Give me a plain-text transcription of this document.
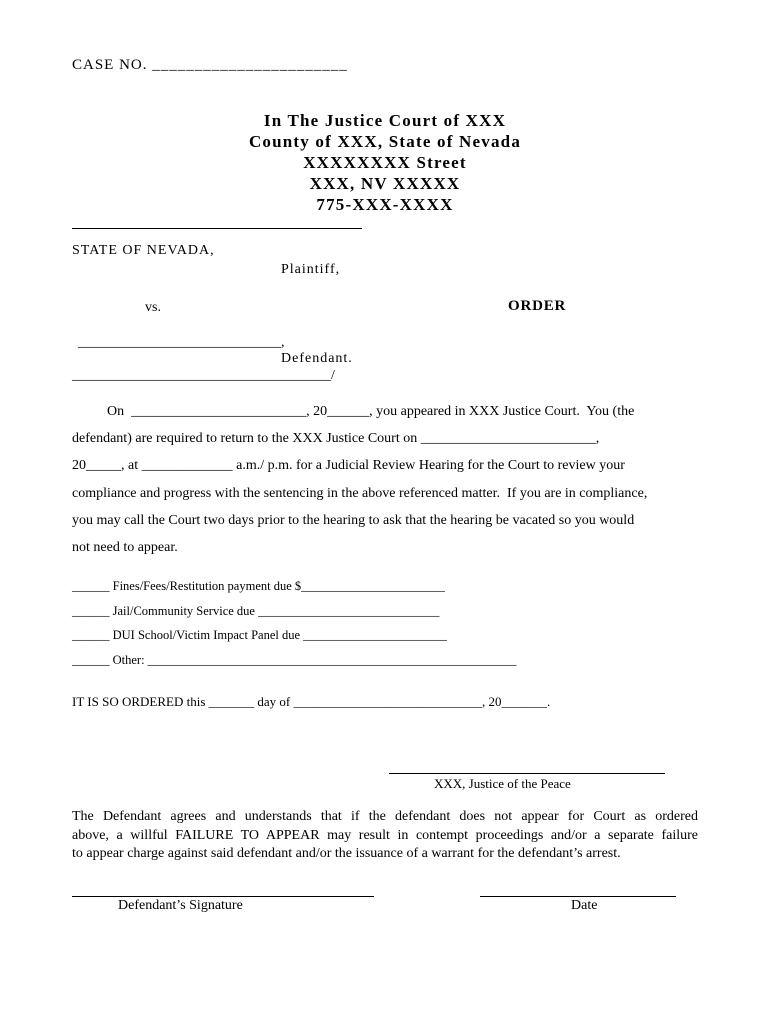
CASE NO. _______________________
In The Justice Court of XXX
County of XXX, State of Nevada
XXXXXXXX Street
XXX, NV XXXXX
775-XXX-XXXX
STATE OF NEVADA,
Plaintiff,
vs.	ORDER
_____________________________,
Defendant.
_____________________________________/

On  _________________________, 20______, you appeared in XXX Justice Court.  You (the

defendant) are required to return to the XXX Justice Court on _________________________,

20_____, at _____________ a.m./ p.m. for a Judicial Review Hearing for the Court to review your

compliance and progress with the sentencing in the above referenced matter.  If you are in compliance,

you may call the Court two days prior to the hearing to ask that the hearing be vacated so you would

not need to appear.

______ Fines/Fees/Restitution payment due $_______________________
______ Jail/Community Service due _____________________________
______ DUI School/Victim Impact Panel due _______________________
______ Other: ___________________________________________________________
IT IS SO ORDERED this _______ day of _____________________________, 20_______.
XXX, Justice of the Peace
The Defendant agrees and understands that if the defendant does not appear for Court as ordered
above, a willful FAILURE TO APPEAR may result in contempt proceedings and/or a separate failure
to appear charge against said defendant and/or the issuance of a warrant for the defendant’s arrest.
Defendant’s Signature	Date
